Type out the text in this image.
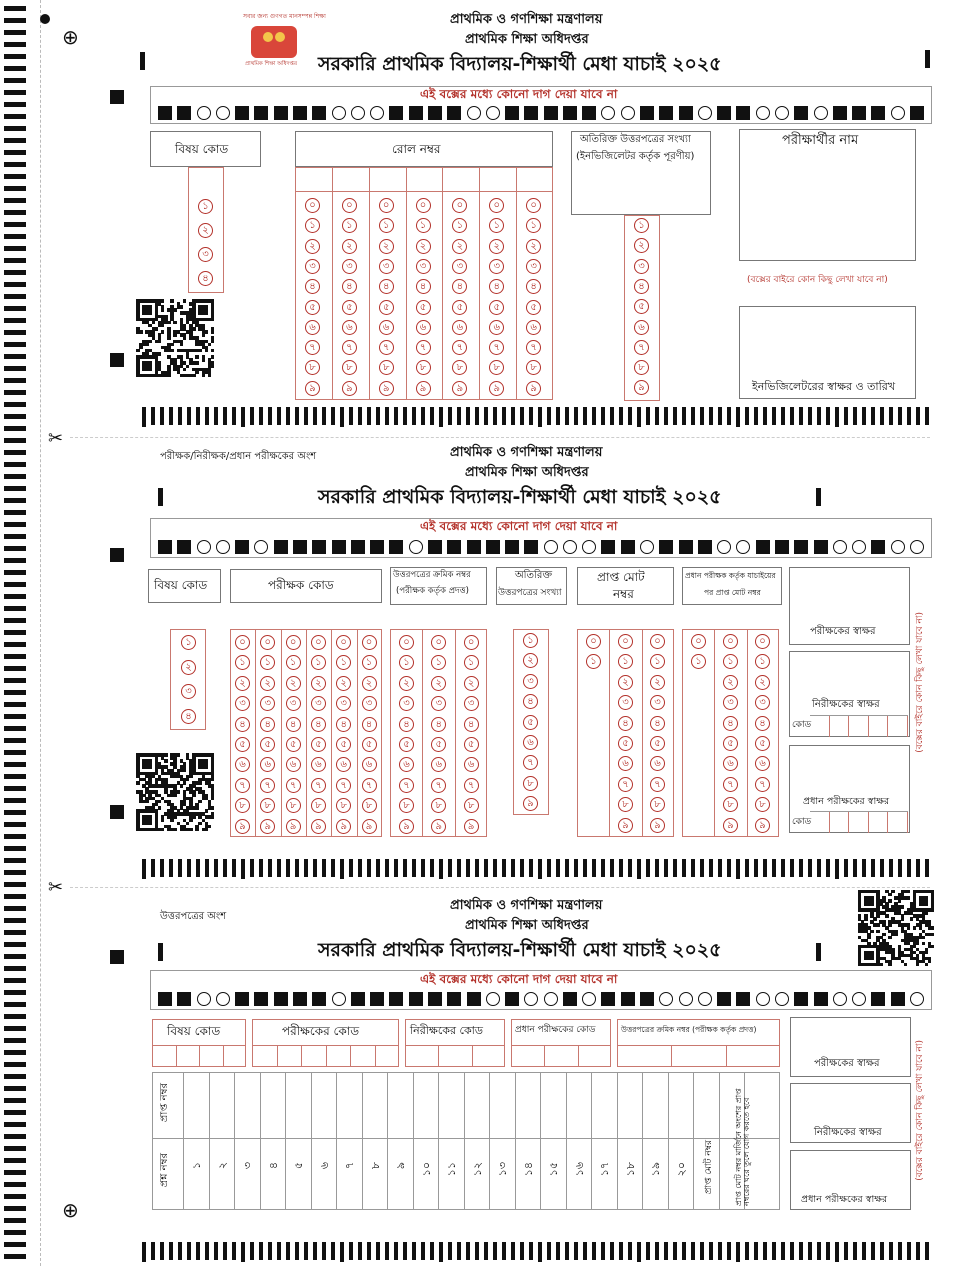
⊕
সবার জন্য গুণগত মানসম্পন্ন শিক্ষা
প্রাথমিক শিক্ষা অধিদপ্তর
প্রাথমিক ও গণশিক্ষা মন্ত্রণালয়
প্রাথমিক শিক্ষা অধিদপ্তর
সরকারি প্রাথমিক বিদ্যালয়-শিক্ষার্থী মেধা যাচাই ২০২৫
এই বক্সের মধ্যে কোনো দাগ দেয়া যাবে না
বিষয় কোড
১
২
৩
৪
রোল নম্বর
০
১
২
৩
৪
৫
৬
৭
৮
৯
০
১
২
৩
৪
৫
৬
৭
৮
৯
০
১
২
৩
৪
৫
৬
৭
৮
৯
০
১
২
৩
৪
৫
৬
৭
৮
৯
০
১
২
৩
৪
৫
৬
৭
৮
৯
০
১
২
৩
৪
৫
৬
৭
৮
৯
০
১
২
৩
৪
৫
৬
৭
৮
৯
অতিরিক্ত উত্তরপত্রের সংখ্যা
(ইনভিজিলেটর কর্তৃক পূরণীয়)
১
২
৩
৪
৫
৬
৭
৮
৯
পরীক্ষার্থীর নাম
(বক্সের বাইরে কোন কিছু লেখা যাবে না)
ইনভিজিলেটরের স্বাক্ষর ও তারিখ
✂
পরীক্ষক/নিরীক্ষক/প্রধান পরীক্ষকের অংশ	প্রাথমিক ও গণশিক্ষা মন্ত্রণালয়
প্রাথমিক শিক্ষা অধিদপ্তর
সরকারি প্রাথমিক বিদ্যালয়-শিক্ষার্থী মেধা যাচাই ২০২৫
এই বক্সের মধ্যে কোনো দাগ দেয়া যাবে না
বিষয় কোড
১
২
৩
৪
পরীক্ষক কোড
০
১
২
৩
৪
৫
৬
৭
৮
৯
০
১
২
৩
৪
৫
৬
৭
৮
৯
০
১
২
৩
৪
৫
৬
৭
৮
৯
০
১
২
৩
৪
৫
৬
৭
৮
৯
০
১
২
৩
৪
৫
৬
৭
৮
৯
০
১
২
৩
৪
৫
৬
৭
৮
৯
উত্তরপত্রের ক্রমিক নম্বর
(পরীক্ষক কর্তৃক প্রদত্ত)
০
১
২
৩
৪
৫
৬
৭
৮
৯
০
১
২
৩
৪
৫
৬
৭
৮
৯
০
১
২
৩
৪
৫
৬
৭
৮
৯
অতিরিক্ত
উত্তরপত্রের সংখ্যা
১
২
৩
৪
৫
৬
৭
৮
৯
প্রাপ্ত মোট
নম্বর
০
১
০
১
২
৩
৪
৫
৬
৭
৮
৯
০
১
২
৩
৪
৫
৬
৭
৮
৯
প্রধান পরীক্ষক কর্তৃক যাচাইয়ের
পর প্রাপ্ত মোট নম্বর
০
১
০
১
২
৩
৪
৫
৬
৭
৮
৯
০
১
২
৩
৪
৫
৬
৭
৮
৯
পরীক্ষকের স্বাক্ষর
নিরীক্ষকের স্বাক্ষর
কোড
প্রধান পরীক্ষকের স্বাক্ষর
কোড
(বক্সের বাইরে কোন কিছু লেখা যাবে না)
✂
উত্তরপত্রের অংশ
প্রাথমিক ও গণশিক্ষা মন্ত্রণালয়
প্রাথমিক শিক্ষা অধিদপ্তর
সরকারি প্রাথমিক বিদ্যালয়-শিক্ষার্থী মেধা যাচাই ২০২৫
এই বক্সের মধ্যে কোনো দাগ দেয়া যাবে না
বিষয় কোড	পরীক্ষকের কোড	নিরীক্ষকের কোড	প্রধান পরীক্ষকের কোড	উত্তরপত্রের ক্রমিক নম্বর (পরীক্ষক কর্তৃক প্রদত্ত)
প্রাপ্ত নম্বর
প্রশ্ন নম্বর ১ ২ ৩ ৪ ৫ ৬ ৭ ৮ ৯ ১০ ১১ ১২ ১৩ ১৪ ১৫ ১৬ ১৭ ১৮ ১৯ ২০ প্রাপ্ত মোট নম্বর	প্রাপ্ত মোট নম্বর মার্জিনে অংশের প্রাপ্ত নম্বরের ঘরে তুলে যোগ করতে হবে
পরীক্ষকের স্বাক্ষর
নিরীক্ষকের স্বাক্ষর
প্রধান পরীক্ষকের স্বাক্ষর
(বক্সের বাইরে কোন কিছু লেখা যাবে না)
⊕
